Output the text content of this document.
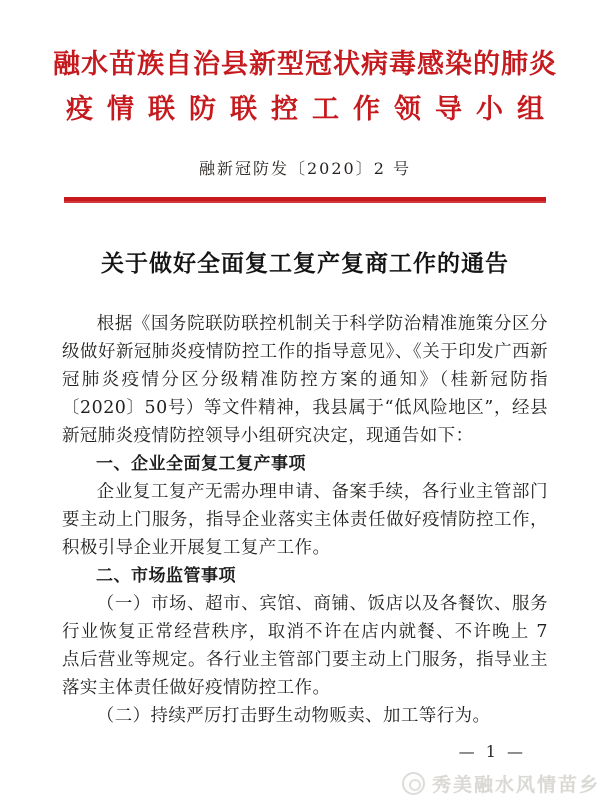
融水苗族自治县新型冠状病毒感染的肺炎
疫情联防联控工作领导小组
融新冠防发〔2020〕2 号
关于做好全面复工复产复商工作的通告

根据《国务院联防联控机制关于科学防治精准施策分区分级做好新冠肺炎疫情防控工作的指导意见》、《关于印发广西新冠肺炎疫情分区分级精准防控方案的通知》（桂新冠防指〔2020〕50号）等文件精神，我县属于“低风险地区”，经县新冠肺炎疫情防控领导小组研究决定，现通告如下：

一、企业全面复工复产事项

企业复工复产无需办理申请、备案手续，各行业主管部门要主动上门服务，指导企业落实主体责任做好疫情防控工作，积极引导企业开展复工复产工作。

二、市场监管事项

（一）市场、超市、宾馆、商铺、饭店以及各餐饮、服务行业恢复正常经营秩序，取消不许在店内就餐、不许晚上 7 点后营业等规定。各行业主管部门要主动上门服务，指导业主落实主体责任做好疫情防控工作。

（二）持续严厉打击野生动物贩卖、加工等行为。

— 1 —
秀美融水风情苗乡
